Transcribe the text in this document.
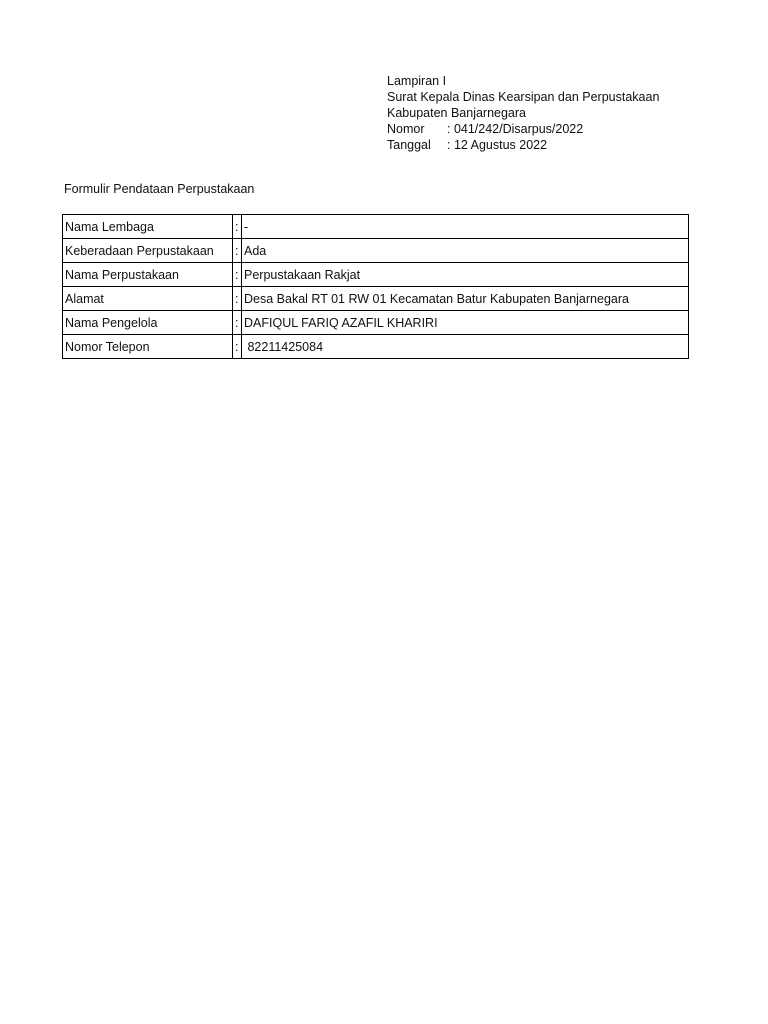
Lampiran I
Surat Kepala Dinas Kearsipan dan Perpustakaan
Kabupaten Banjarnegara
Nomor	: 041/242/Disarpus/2022
Tanggal	: 12 Agustus 2022
Formulir Pendataan Perpustakaan
Nama Lembaga	:	-
Keberadaan Perpustakaan	:	Ada
Nama Perpustakaan	:	Perpustakaan Rakjat
Alamat	:	Desa Bakal RT 01 RW 01 Kecamatan Batur Kabupaten Banjarnegara
Nama Pengelola	:	DAFIQUL FARIQ AZAFIL KHARIRI
Nomor Telepon	:	82211425084
